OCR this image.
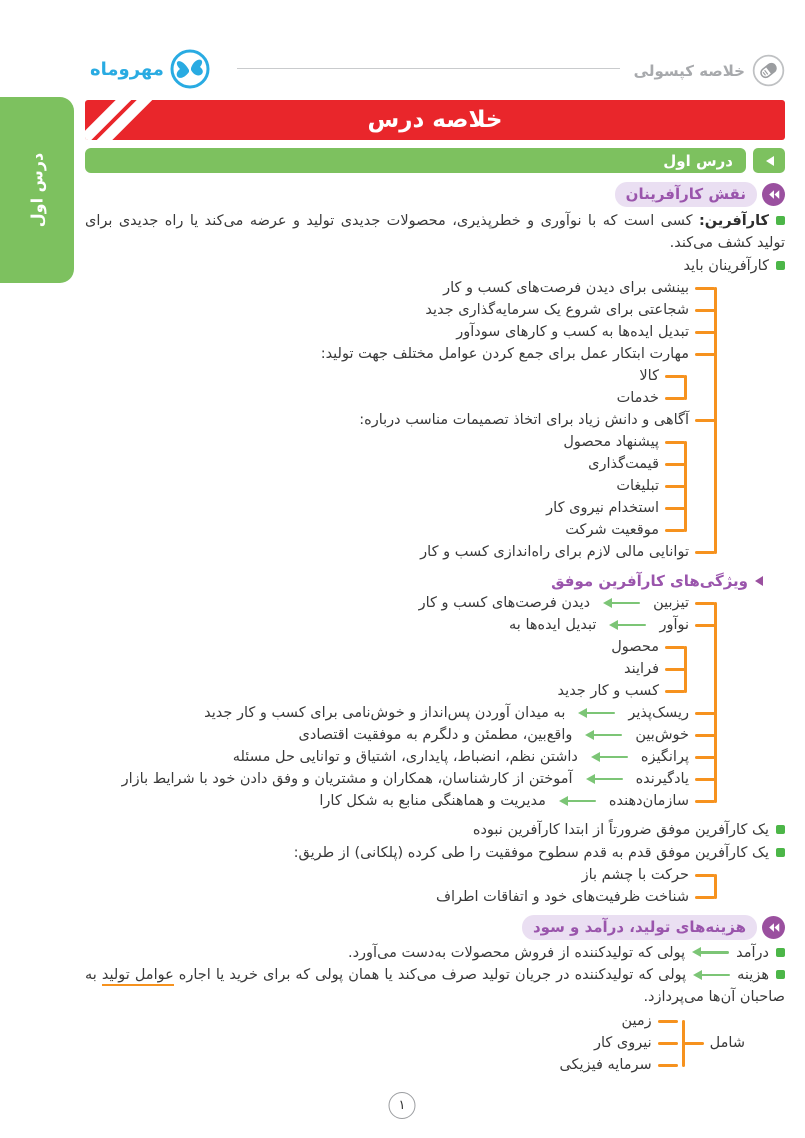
خلاصه کپسولی
مهروماه
درس اول
خلاصه درس
درس اول
نقش کارآفرینان

کارآفرین: کسی است که با نوآوری و خطرپذیری، محصولات جدیدی تولید و عرضه می‌کند یا راه جدیدی برای تولید کشف می‌کند.

کارآفرینان باید
بینشی برای دیدن فرصت‌های کسب و کار
شجاعتی برای شروع یک سرمایه‌گذاری جدید
تبدیل ایده‌ها به کسب و کارهای سودآور
مهارت ابتکار عمل برای جمع کردن عوامل مختلف جهت تولید:
کالا
خدمات
آگاهی و دانش زیاد برای اتخاذ تصمیمات مناسب درباره:
پیشنهاد محصول
قیمت‌گذاری
تبلیغات
استخدام نیروی کار
موقعیت شرکت
توانایی مالی لازم برای راه‌اندازی کسب و کار
ویژگی‌های کارآفرین موفق
تیزبین
دیدن فرصت‌های کسب و کار
نوآور
تبدیل ایده‌ها به
محصول
فرایند
کسب و کار جدید
ریسک‌پذیر
به میدان آوردن پس‌انداز و خوش‌نامی برای کسب و کار جدید
خوش‌بین
واقع‌بین، مطمئن و دلگرم به موفقیت اقتصادی
پرانگیزه
داشتن نظم، انضباط، پایداری، اشتیاق و توانایی حل مسئله
یادگیرنده
آموختن از کارشناسان، همکاران و مشتریان و وفق دادن خود با شرایط بازار
سازمان‌دهنده
مدیریت و هماهنگی منابع به شکل کارا
یک کارآفرین موفق ضرورتاً از ابتدا کارآفرین نبوده
یک کارآفرین موفق قدم به قدم سطوح موفقیت را طی کرده (پلکانی) از طریق:
حرکت با چشم باز
شناخت ظرفیت‌های خود و اتفاقات اطراف
هزینه‌های تولید، درآمد و سود
درآمد
پولی که تولیدکننده از فروش محصولات به‌دست می‌آورد.

هزینهپولی که تولیدکننده در جریان تولید صرف می‌کند یا همان پولی که برای خرید یا اجاره عوامل تولید به صاحبان آن‌ها می‌پردازد.

شامل
زمین
نیروی کار
سرمایه فیزیکی
۱
